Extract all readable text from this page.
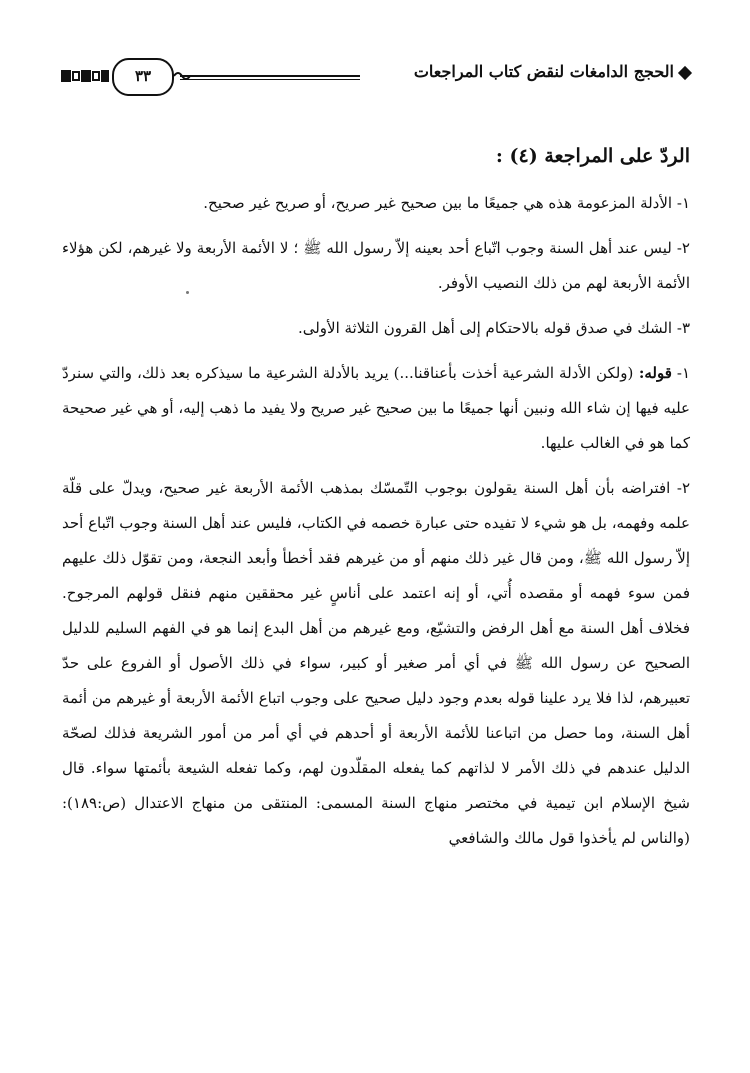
٣٣	الحجج الدامغات لنقض كتاب المراجعات
الردّ على المراجعة (٤) :

١- الأدلة المزعومة هذه هي جميعًا ما بين صحيح غير صريح، أو صريح غير صحيح.

٢- ليس عند أهل السنة وجوب اتّباع أحد بعينه إلاّ رسول الله ﷺ ؛ لا الأئمة الأربعة ولا غيرهم، لكن هؤلاء الأئمة الأربعة لهم من ذلك النصيب الأوفر.

٣- الشك في صدق قوله بالاحتكام إلى أهل القرون الثلاثة الأولى.

١- قوله: (ولكن الأدلة الشرعية أخذت بأعناقنا...) يريد بالأدلة الشرعية ما سيذكره بعد ذلك، والتي سنردّ عليه فيها إن شاء الله ونبين أنها جميعًا ما بين صحيح غير صريح ولا يفيد ما ذهب إليه، أو هي غير صحيحة كما هو في الغالب عليها.

٢- افتراضه بأن أهل السنة يقولون بوجوب التّمسّك بمذهب الأئمة الأربعة غير صحيح، ويدلّ على قلّة علمه وفهمه، بل هو شيء لا تفيده حتى عبارة خصمه في الكتاب، فليس عند أهل السنة وجوب اتّباع أحد إلاّ رسول الله ﷺ، ومن قال غير ذلك منهم أو من غيرهم فقد أخطأ وأبعد النجعة، ومن تقوّل ذلك عليهم فمن سوء فهمه أو مقصده أُتي، أو إنه اعتمد على أناسٍ غير محققين منهم فنقل قولهم المرجوح. فخلاف أهل السنة مع أهل الرفض والتشيّع، ومع غيرهم من أهل البدع إنما هو في الفهم السليم للدليل الصحيح عن رسول الله ﷺ في أي أمر صغير أو كبير، سواء في ذلك الأصول أو الفروع على حدّ تعبيرهم، لذا فلا يرد علينا قوله بعدم وجود دليل صحيح على وجوب اتباع الأئمة الأربعة أو غيرهم من أئمة أهل السنة، وما حصل من اتباعنا للأئمة الأربعة أو أحدهم في أي أمر من أمور الشريعة فذلك لصحّة الدليل عندهم في ذلك الأمر لا لذاتهم كما يفعله المقلّدون لهم، وكما تفعله الشيعة بأئمتها سواء. قال شيخ الإسلام ابن تيمية في مختصر منهاج السنة المسمى: المنتقى من منهاج الاعتدال (ص:١٨٩): (والناس لم يأخذوا قول مالك والشافعي
